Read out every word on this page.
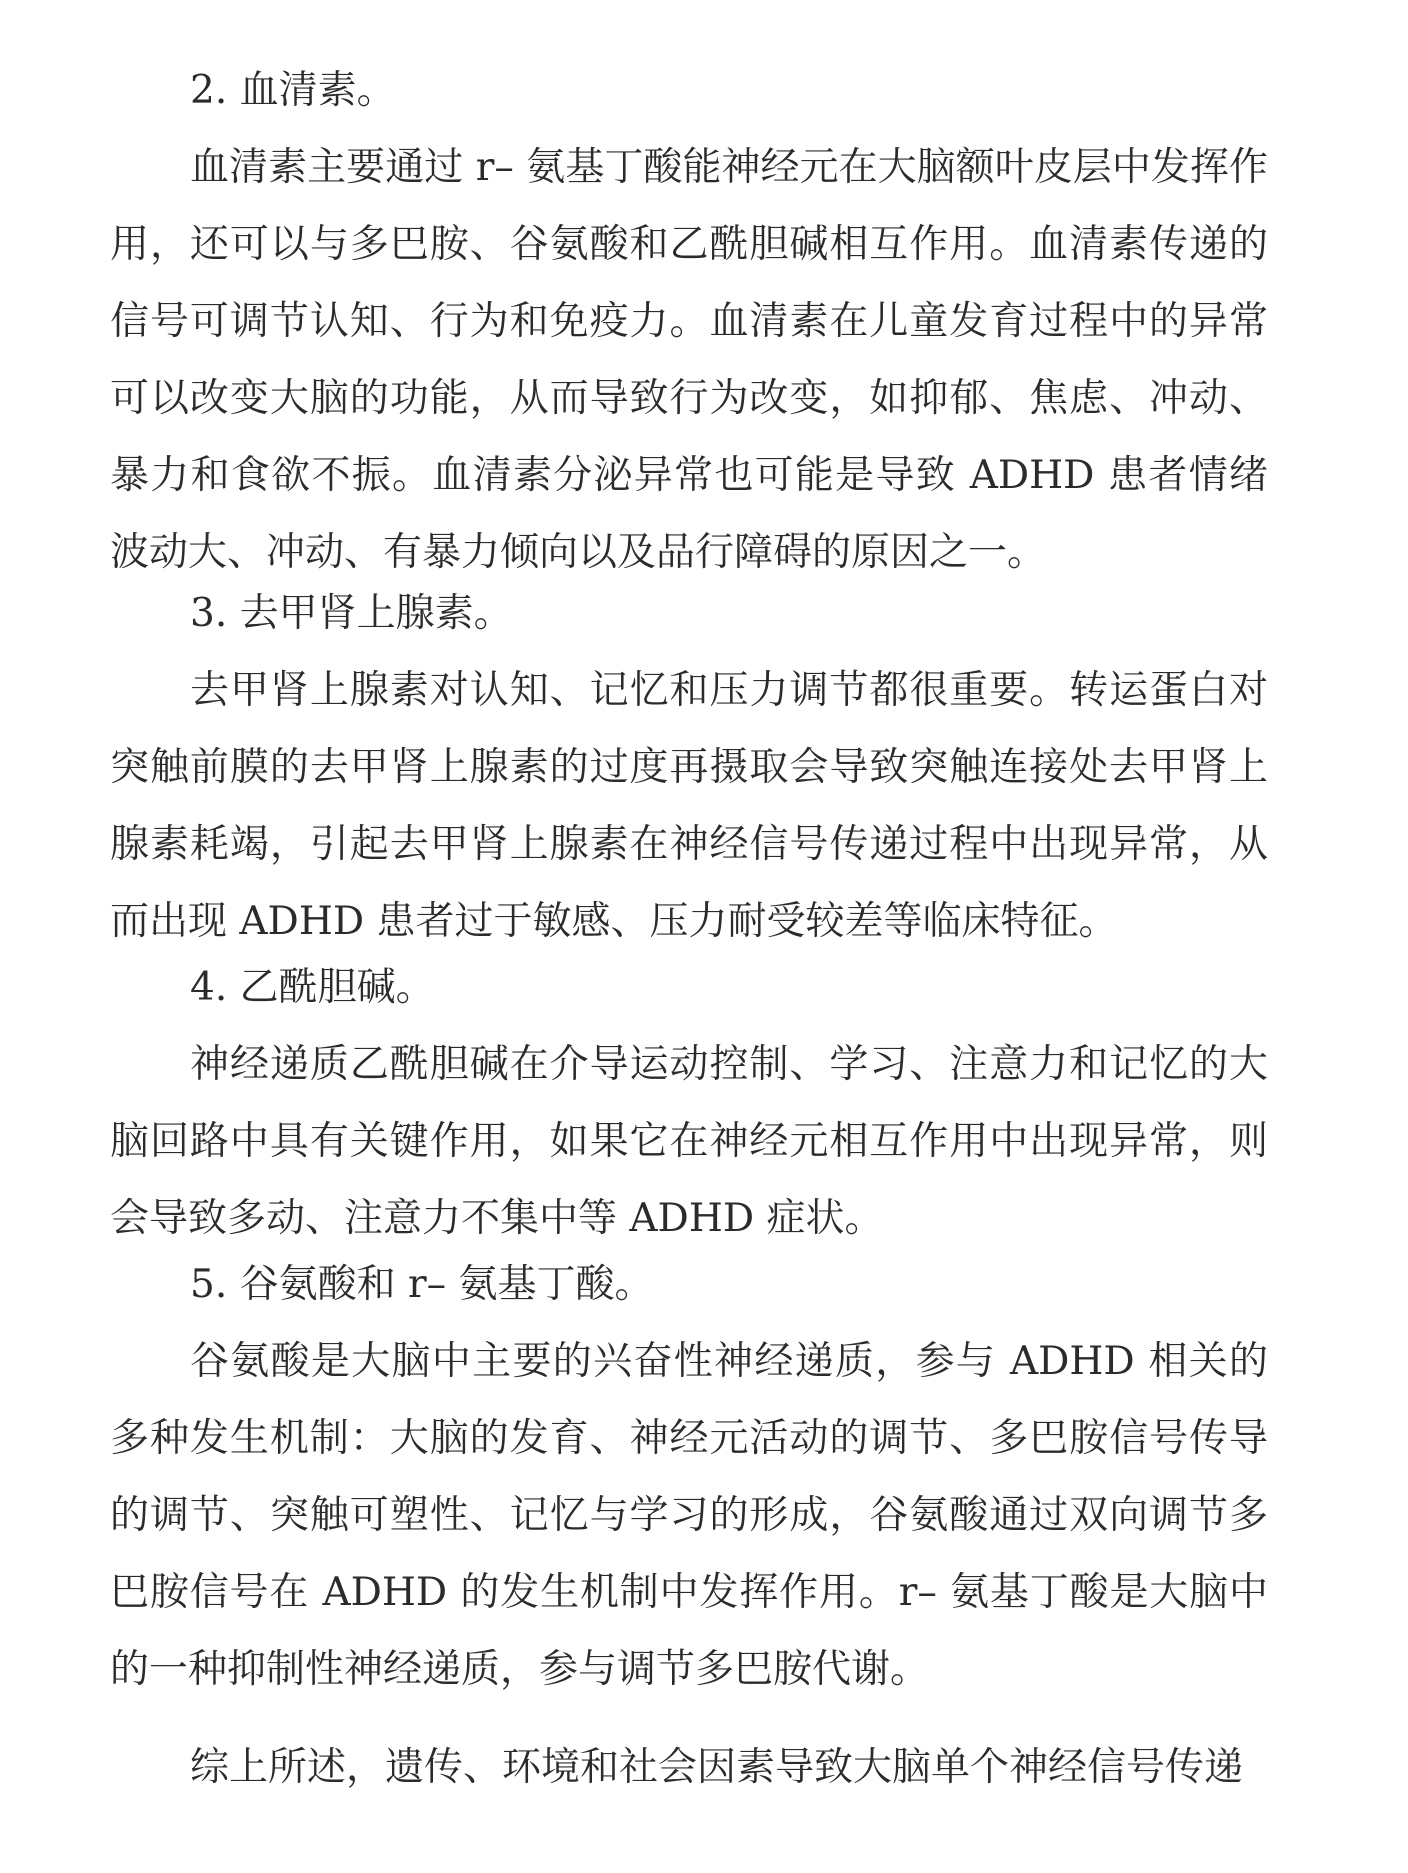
2. 血清素。
血清素主要通过 r– 氨基丁酸能神经元在大脑额叶皮层中发挥作用，还可以与多巴胺、谷氨酸和乙酰胆碱相互作用。血清素传递的信号可调节认知、行为和免疫力。血清素在儿童发育过程中的异常可以改变大脑的功能，从而导致行为改变，如抑郁、焦虑、冲动、暴力和食欲不振。血清素分泌异常也可能是导致 ADHD 患者情绪波动大、冲动、有暴力倾向以及品行障碍的原因之一。
3. 去甲肾上腺素。
去甲肾上腺素对认知、记忆和压力调节都很重要。转运蛋白对突触前膜的去甲肾上腺素的过度再摄取会导致突触连接处去甲肾上腺素耗竭，引起去甲肾上腺素在神经信号传递过程中出现异常，从而出现 ADHD 患者过于敏感、压力耐受较差等临床特征。
4. 乙酰胆碱。
神经递质乙酰胆碱在介导运动控制、学习、注意力和记忆的大脑回路中具有关键作用，如果它在神经元相互作用中出现异常，则会导致多动、注意力不集中等 ADHD 症状。
5. 谷氨酸和 r– 氨基丁酸。
谷氨酸是大脑中主要的兴奋性神经递质，参与 ADHD 相关的多种发生机制：大脑的发育、神经元活动的调节、多巴胺信号传导的调节、突触可塑性、记忆与学习的形成，谷氨酸通过双向调节多巴胺信号在 ADHD 的发生机制中发挥作用。r– 氨基丁酸是大脑中的一种抑制性神经递质，参与调节多巴胺代谢。
综上所述，遗传、环境和社会因素导致大脑单个神经信号传递
